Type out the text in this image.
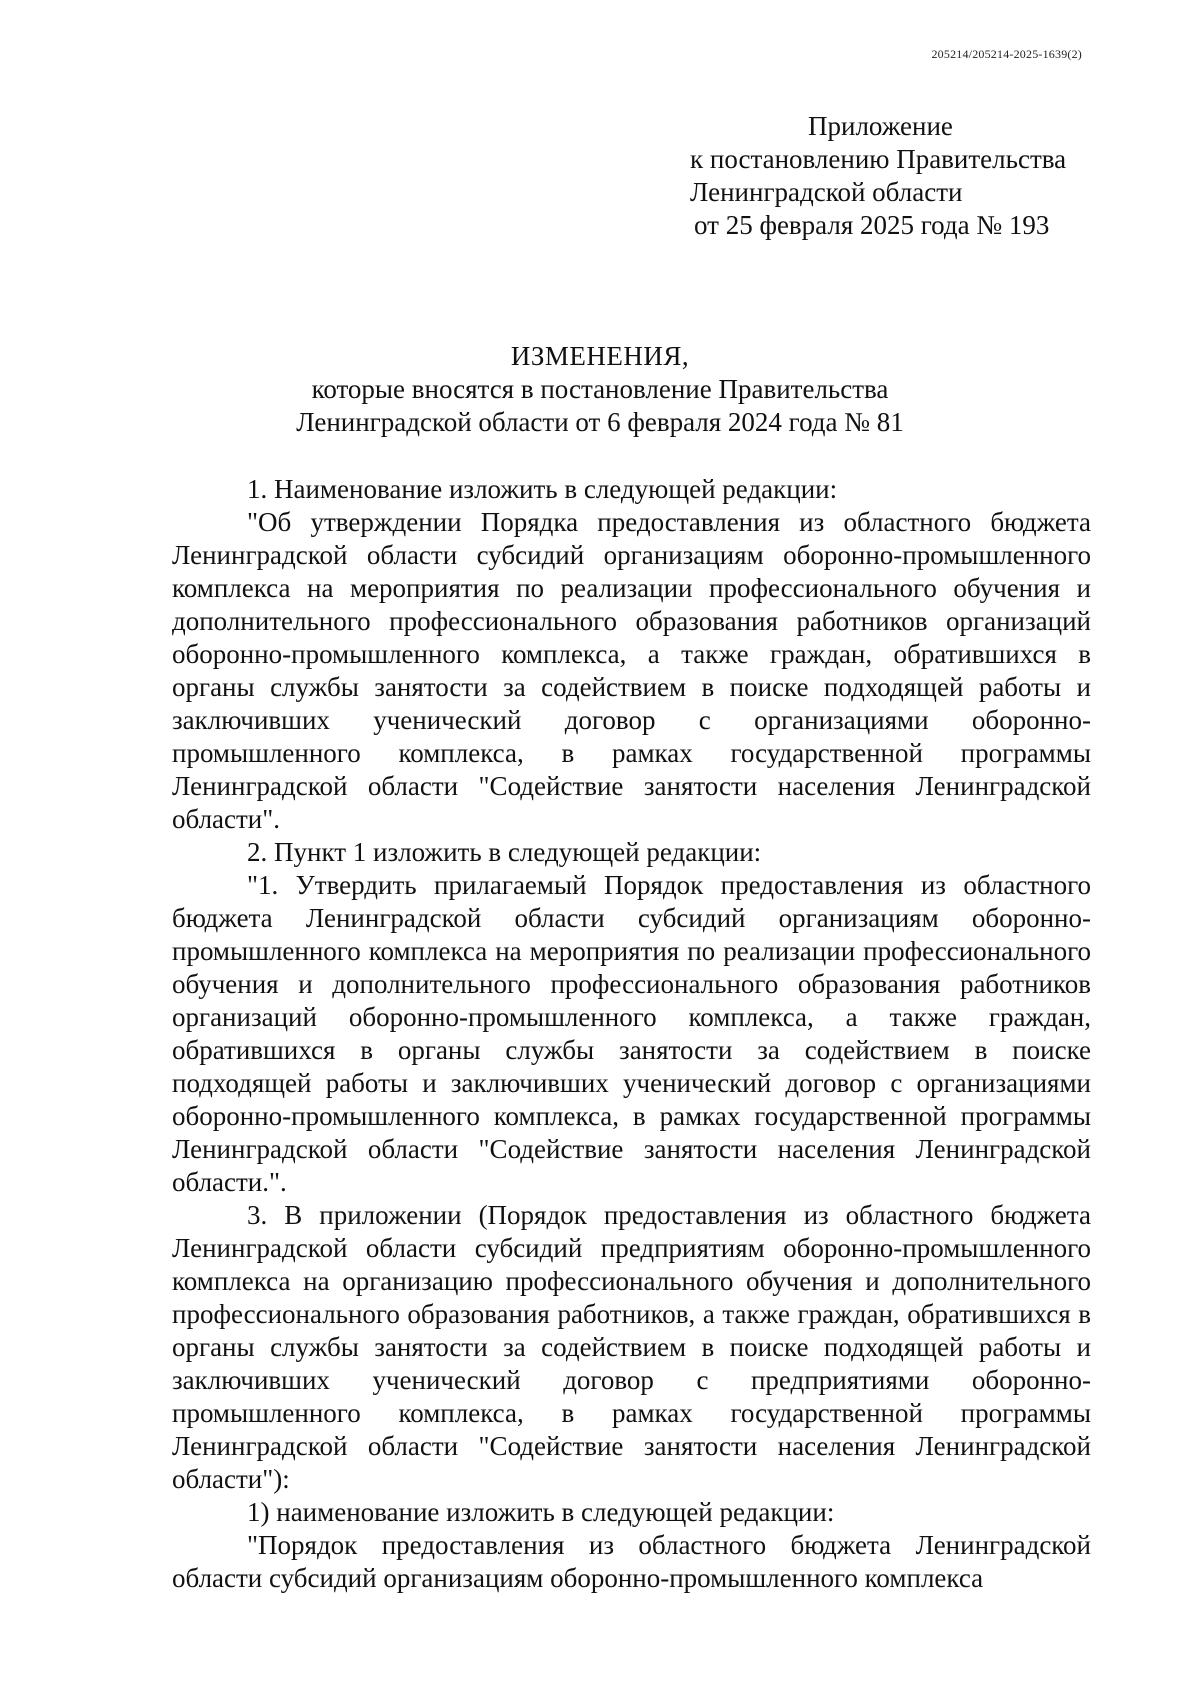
205214/205214-2025-1639(2)
Приложение
к постановлению Правительства
Ленинградской области
от 25 февраля 2025 года № 193
ИЗМЕНЕНИЯ,
которые вносятся в постановление Правительства
Ленинградской области от 6 февраля 2024 года № 81

1. Наименование изложить в следующей редакции:

"Об утверждении Порядка предоставления из областного бюджета Ленинградской области субсидий организациям оборонно-промышленного комплекса на мероприятия по реализации профессионального обучения и дополнительного профессионального образования работников организаций оборонно-промышленного комплекса, а также граждан, обратившихся в органы службы занятости за содействием в поиске подходящей работы и заключивших ученический договор с организациями оборонно-промышленного комплекса, в рамках государственной программы Ленинградской области "Содействие занятости населения Ленинградской области".

2. Пункт 1 изложить в следующей редакции:

"1. Утвердить прилагаемый Порядок предоставления из областного бюджета Ленинградской области субсидий организациям оборонно-промышленного комплекса на мероприятия по реализации профессионального обучения и дополнительного профессионального образования работников организаций оборонно-промышленного комплекса, а также граждан, обратившихся в органы службы занятости за содействием в поиске подходящей работы и заключивших ученический договор с организациями оборонно-промышленного комплекса, в рамках государственной программы Ленинградской области "Содействие занятости населения Ленинградской области.".

3. В приложении (Порядок предоставления из областного бюджета Ленинградской области субсидий предприятиям оборонно-промышленного комплекса на организацию профессионального обучения и дополнительного профессионального образования работников, а также граждан, обратившихся в органы службы занятости за содействием в поиске подходящей работы и заключивших ученический договор с предприятиями оборонно-промышленного комплекса, в рамках государственной программы Ленинградской области "Содействие занятости населения Ленинградской области"):

1) наименование изложить в следующей редакции:

"Порядок предоставления из областного бюджета Ленинградской области субсидий организациям оборонно-промышленного комплекса
